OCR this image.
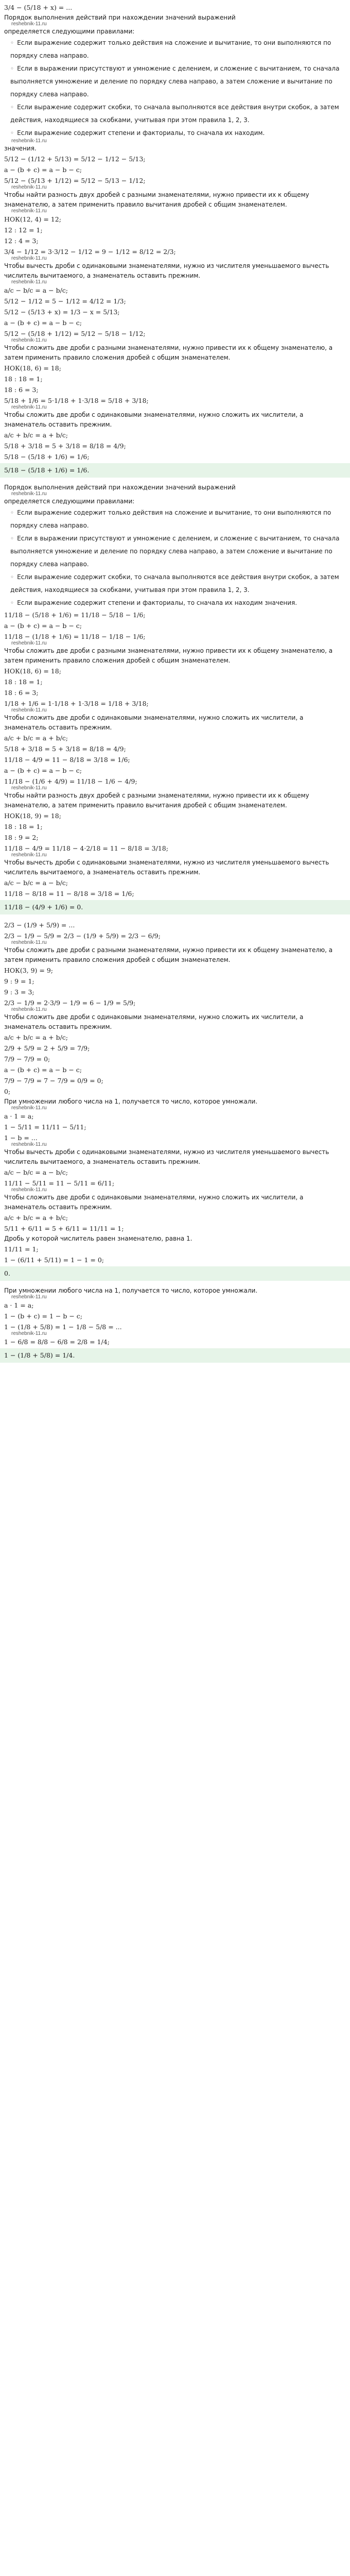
3/4 − (5/18 + x) = ...
Порядок выполнения действий при нахождении значений выражений
reshebnik-11.ru
определяется следующими правилами:
◦ Если выражение содержит только действия на сложение и вычитание, то они выполняются по порядку слева направо.
◦ Если в выражении присутствуют и умножение с делением, и сложение с вычитанием, то сначала выполняется умножение и деление по порядку слева направо, а затем сложение и вычитание по порядку слева направо.
◦ Если выражение содержит скобки, то сначала выполняются все действия внутри скобок, а затем действия, находящиеся за скобками, учитывая при этом правила 1, 2, 3.
◦ Если выражение содержит степени и факториалы, то сначала их находим.
reshebnik-11.ru
значения.
5/12 − (1/12 + 5/13) = 5/12 − 1/12 − 5/13;
a − (b + c) = a − b − c;
5/12 − (5/13 + 1/12) = 5/12 − 5/13 − 1/12;
reshebnik-11.ru
Чтобы найти разность двух дробей с разными знаменателями, нужно привести их к общему знаменателю, а затем применить правило вычитания дробей с общим знаменателем.
reshebnik-11.ru
НОК(12, 4) = 12;
12 : 12 = 1;
12 : 4 = 3;
3/4 − 1/12 = 3·3/12 − 1/12 = 9 − 1/12 = 8/12 = 2/3;
reshebnik-11.ru
Чтобы вычесть дроби с одинаковыми знаменателями, нужно из числителя уменьшаемого вычесть числитель вычитаемого, а знаменатель оставить прежним.
reshebnik-11.ru
a/c − b/c = a − b/c;
5/12 − 1/12 = 5 − 1/12 = 4/12 = 1/3;
5/12 − (5/13 + x) = 1/3 − x = 5/13;
a − (b + c) = a − b − c;
5/12 − (5/18 + 1/12) = 5/12 − 5/18 − 1/12;
reshebnik-11.ru
Чтобы сложить две дроби с разными знаменателями, нужно привести их к общему знаменателю, а затем применить правило сложения дробей с общим знаменателем.
НОК(18, 6) = 18;
18 : 18 = 1;
18 : 6 = 3;
5/18 + 1/6 = 5·1/18 + 1·3/18 = 5/18 + 3/18;
reshebnik-11.ru
Чтобы сложить две дроби с одинаковыми знаменателями, нужно сложить их числители, а знаменатель оставить прежним.
a/c + b/c = a + b/c;
5/18 + 3/18 = 5 + 3/18 = 8/18 = 4/9;
5/18 − (5/18 + 1/6) = 1/6;
5/18 − (5/18 + 1/6) = 1/6.
Порядок выполнения действий при нахождении значений выражений
reshebnik-11.ru
определяется следующими правилами:
◦ Если выражение содержит только действия на сложение и вычитание, то они выполняются по порядку слева направо.
◦ Если в выражении присутствуют и умножение с делением, и сложение с вычитанием, то сначала выполняется умножение и деление по порядку слева направо, а затем сложение и вычитание по порядку слева направо.
◦ Если выражение содержит скобки, то сначала выполняются все действия внутри скобок, а затем действия, находящиеся за скобками, учитывая при этом правила 1, 2, 3.
◦ Если выражение содержит степени и факториалы, то сначала их находим значения.
11/18 − (5/18 + 1/6) = 11/18 − 5/18 − 1/6;
a − (b + c) = a − b − c;
11/18 − (1/18 + 1/6) = 11/18 − 1/18 − 1/6;
reshebnik-11.ru
Чтобы сложить две дроби с разными знаменателями, нужно привести их к общему знаменателю, а затем применить правило сложения дробей с общим знаменателем.
НОК(18, 6) = 18;
18 : 18 = 1;
18 : 6 = 3;
1/18 + 1/6 = 1·1/18 + 1·3/18 = 1/18 + 3/18;
reshebnik-11.ru
Чтобы сложить две дроби с одинаковыми знаменателями, нужно сложить их числители, а знаменатель оставить прежним.
a/c + b/c = a + b/c;
5/18 + 3/18 = 5 + 3/18 = 8/18 = 4/9;
11/18 − 4/9 = 11 − 8/18 = 3/18 = 1/6;
a − (b + c) = a − b − c;
11/18 − (1/6 + 4/9) = 11/18 − 1/6 − 4/9;
reshebnik-11.ru
Чтобы найти разность двух дробей с разными знаменателями, нужно привести их к общему знаменателю, а затем применить правило вычитания дробей с общим знаменателем.
НОК(18, 9) = 18;
18 : 18 = 1;
18 : 9 = 2;
11/18 − 4/9 = 11/18 − 4·2/18 = 11 − 8/18 = 3/18;
reshebnik-11.ru
Чтобы вычесть дроби с одинаковыми знаменателями, нужно из числителя уменьшаемого вычесть числитель вычитаемого, а знаменатель оставить прежним.
a/c − b/c = a − b/c;
11/18 − 8/18 = 11 − 8/18 = 3/18 = 1/6;
11/18 − (4/9 + 1/6) = 0.
2/3 − (1/9 + 5/9) = ...
2/3 − 1/9 − 5/9 = 2/3 − (1/9 + 5/9) = 2/3 − 6/9;
reshebnik-11.ru
Чтобы сложить две дроби с разными знаменателями, нужно привести их к общему знаменателю, а затем применить правило сложения дробей с общим знаменателем.
НОК(3, 9) = 9;
9 : 9 = 1;
9 : 3 = 3;
2/3 − 1/9 = 2·3/9 − 1/9 = 6 − 1/9 = 5/9;
reshebnik-11.ru
Чтобы сложить две дроби с одинаковыми знаменателями, нужно сложить их числители, а знаменатель оставить прежним.
a/c + b/c = a + b/c;
2/9 + 5/9 = 2 + 5/9 = 7/9;
7/9 − 7/9 = 0;
a − (b + c) = a − b − c;
7/9 − 7/9 = 7 − 7/9 = 0/9 = 0;
0;
При умножении любого числа на 1, получается то число, которое умножали.
reshebnik-11.ru
a · 1 = a;
1 − 5/11 = 11/11 − 5/11;
1 − b = ...
reshebnik-11.ru
Чтобы вычесть дроби с одинаковыми знаменателями, нужно из числителя уменьшаемого вычесть числитель вычитаемого, а знаменатель оставить прежним.
a/c − b/c = a − b/c;
11/11 − 5/11 = 11 − 5/11 = 6/11;
reshebnik-11.ru
Чтобы сложить две дроби с одинаковыми знаменателями, нужно сложить их числители, а знаменатель оставить прежним.
a/c + b/c = a + b/c;
5/11 + 6/11 = 5 + 6/11 = 11/11 = 1;
Дробь у которой числитель равен знаменателю, равна 1.
11/11 = 1;
1 − (6/11 + 5/11) = 1 − 1 = 0;
0.
При умножении любого числа на 1, получается то число, которое умножали.
reshebnik-11.ru
a · 1 = a;
1 − (b + c) = 1 − b − c;
1 − (1/8 + 5/8) = 1 − 1/8 − 5/8 = ...
reshebnik-11.ru
1 − 6/8 = 8/8 − 6/8 = 2/8 = 1/4;
1 − (1/8 + 5/8) = 1/4.
